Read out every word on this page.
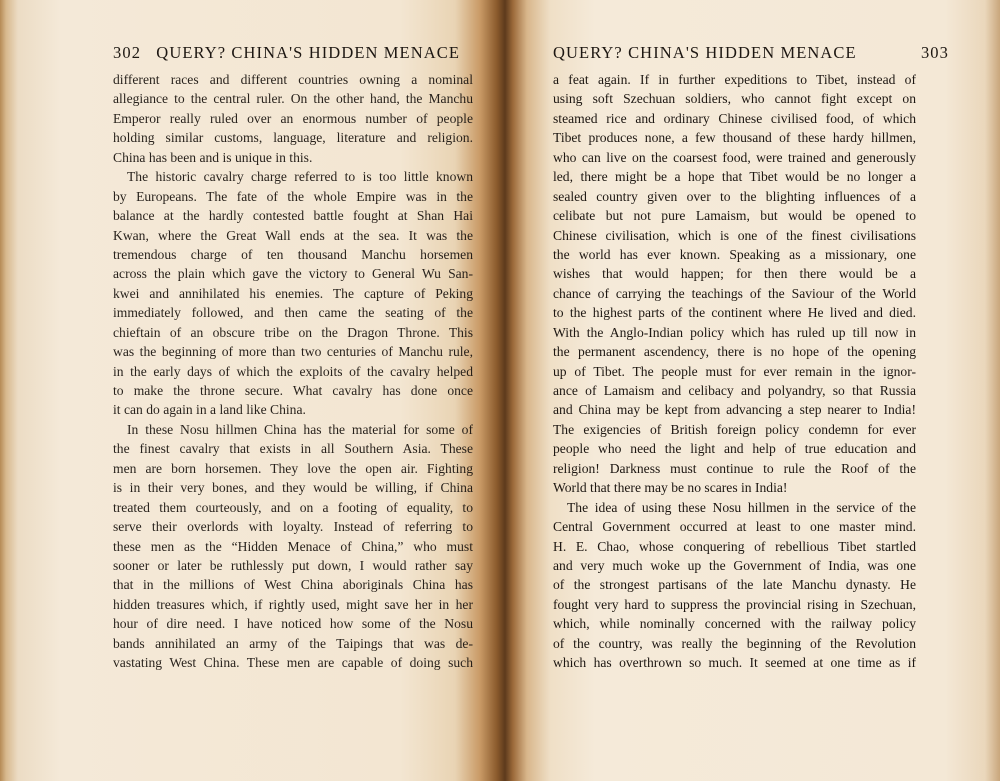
302 QUERY? CHINA'S HIDDEN MENACE
different races and different countries owning a nominal
allegiance to the central ruler. On the other hand, the Manchu
Emperor really ruled over an enormous number of people
holding similar customs, language, literature and religion.
China has been and is unique in this.
The historic cavalry charge referred to is too little known
by Europeans. The fate of the whole Empire was in the
balance at the hardly contested battle fought at Shan Hai
Kwan, where the Great Wall ends at the sea. It was the
tremendous charge of ten thousand Manchu horsemen
across the plain which gave the victory to General Wu San-
kwei and annihilated his enemies. The capture of Peking
immediately followed, and then came the seating of the
chieftain of an obscure tribe on the Dragon Throne. This
was the beginning of more than two centuries of Manchu rule,
in the early days of which the exploits of the cavalry helped
to make the throne secure. What cavalry has done once
it can do again in a land like China.
In these Nosu hillmen China has the material for some of
the finest cavalry that exists in all Southern Asia. These
men are born horsemen. They love the open air. Fighting
is in their very bones, and they would be willing, if China
treated them courteously, and on a footing of equality, to
serve their overlords with loyalty. Instead of referring to
these men as the “Hidden Menace of China,” who must
sooner or later be ruthlessly put down, I would rather say
that in the millions of West China aboriginals China has
hidden treasures which, if rightly used, might save her in her
hour of dire need. I have noticed how some of the Nosu
bands annihilated an army of the Taipings that was de-
vastating West China. These men are capable of doing such
QUERY? CHINA'S HIDDEN MENACE	303
a feat again. If in further expeditions to Tibet, instead of
using soft Szechuan soldiers, who cannot fight except on
steamed rice and ordinary Chinese civilised food, of which
Tibet produces none, a few thousand of these hardy hillmen,
who can live on the coarsest food, were trained and generously
led, there might be a hope that Tibet would be no longer a
sealed country given over to the blighting influences of a
celibate but not pure Lamaism, but would be opened to
Chinese civilisation, which is one of the finest civilisations
the world has ever known. Speaking as a missionary, one
wishes that would happen; for then there would be a
chance of carrying the teachings of the Saviour of the World
to the highest parts of the continent where He lived and died.
With the Anglo-Indian policy which has ruled up till now in
the permanent ascendency, there is no hope of the opening
up of Tibet. The people must for ever remain in the ignor-
ance of Lamaism and celibacy and polyandry, so that Russia
and China may be kept from advancing a step nearer to India!
The exigencies of British foreign policy condemn for ever
people who need the light and help of true education and
religion! Darkness must continue to rule the Roof of the
World that there may be no scares in India!
The idea of using these Nosu hillmen in the service of the
Central Government occurred at least to one master mind.
H. E. Chao, whose conquering of rebellious Tibet startled
and very much woke up the Government of India, was one
of the strongest partisans of the late Manchu dynasty. He
fought very hard to suppress the provincial rising in Szechuan,
which, while nominally concerned with the railway policy
of the country, was really the beginning of the Revolution
which has overthrown so much. It seemed at one time as if
